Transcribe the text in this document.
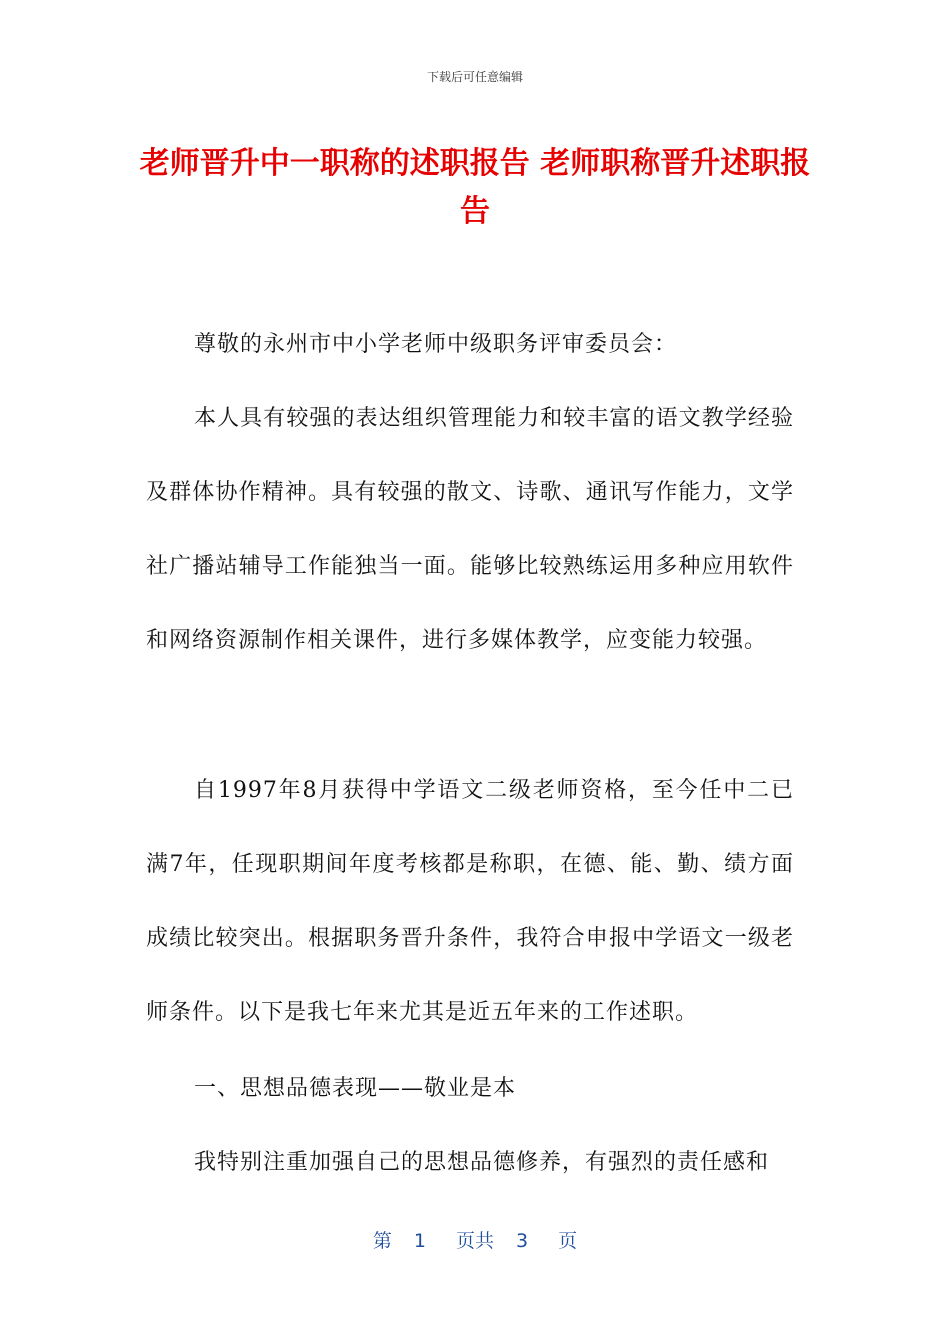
下载后可任意编辑
老师晋升中一职称的述职报告 老师职称晋升述职报告

尊敬的永州市中小学老师中级职务评审委员会：

本人具有较强的表达组织管理能力和较丰富的语文教学经验及群体协作精神。具有较强的散文、诗歌、通讯写作能力，文学社广播站辅导工作能独当一面。能够比较熟练运用多种应用软件和网络资源制作相关课件，进行多媒体教学，应变能力较强。

自1997年8月获得中学语文二级老师资格，至今任中二已满7年，任现职期间年度考核都是称职，在德、能、勤、绩方面成绩比较突出。根据职务晋升条件，我符合申报中学语文一级老师条件。以下是我七年来尤其是近五年来的工作述职。

一、思想品德表现——敬业是本

我特别注重加强自己的思想品德修养，有强烈的责任感和

第 1 页共 3 页
